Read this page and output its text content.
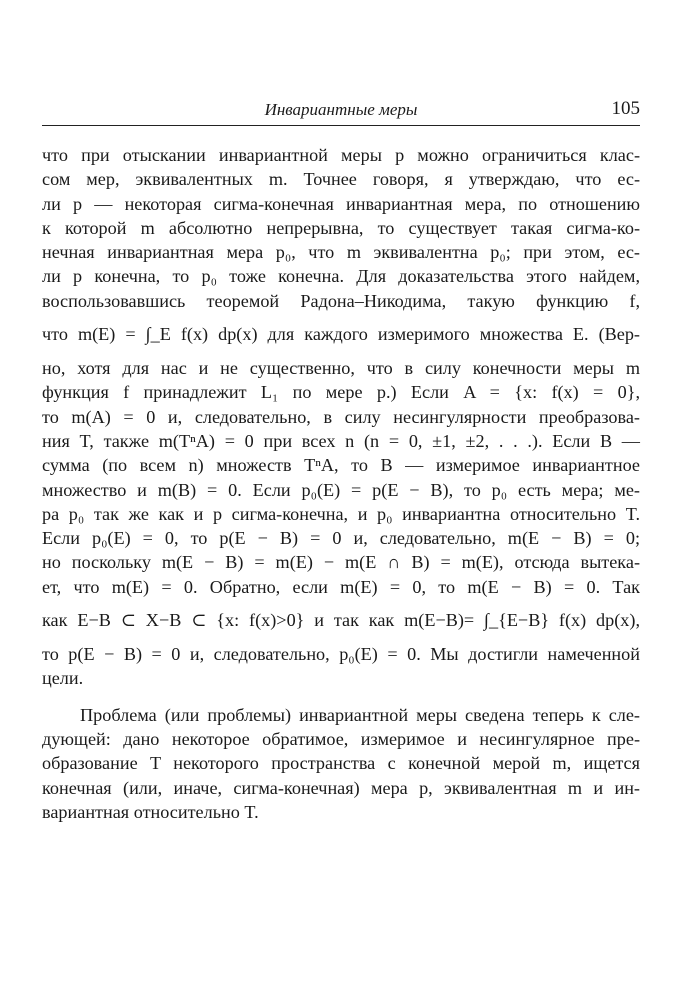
Инвариантные меры	105
что при отыскании инвариантной меры p можно ограничиться клас-
сом мер, эквивалентных m. Точнее говоря, я утверждаю, что ес-
ли p — некоторая сигма-конечная инвариантная мера, по отношению
к которой m абсолютно непрерывна, то существует такая сигма-ко-
нечная инвариантная мера p₀, что m эквивалентна p₀; при этом, ес-
ли p конечна, то p₀ тоже конечна. Для доказательства этого найдем,
воспользовавшись теоремой Радона–Никодима, такую функцию f,
что m(E) = ∫_E f(x) dp(x) для каждого измеримого множества E. (Вер-
но, хотя для нас и не существенно, что в силу конечности меры m
функция f принадлежит L₁ по мере p.) Если A = {x: f(x) = 0},
то m(A) = 0 и, следовательно, в силу несингулярности преобразова-
ния T, также m(TⁿA) = 0 при всех n (n = 0, ±1, ±2, . . .). Если B —
сумма (по всем n) множеств TⁿA, то B — измеримое инвариантное
множество и m(B) = 0. Если p₀(E) = p(E − B), то p₀ есть мера; ме-
ра p₀ так же как и p сигма-конечна, и p₀ инвариантна относительно T.
Если p₀(E) = 0, то p(E − B) = 0 и, следовательно, m(E − B) = 0;
но поскольку m(E − B) = m(E) − m(E ∩ B) = m(E), отсюда вытека-
ет, что m(E) = 0. Обратно, если m(E) = 0, то m(E − B) = 0. Так
как E−B ⊂ X−B ⊂ {x: f(x)>0} и так как m(E−B)= ∫_{E−B} f(x) dp(x),
то p(E − B) = 0 и, следовательно, p₀(E) = 0. Мы достигли намеченной
цели.
Проблема (или проблемы) инвариантной меры сведена теперь к сле-
дующей: дано некоторое обратимое, измеримое и несингулярное пре-
образование T некоторого пространства с конечной мерой m, ищется
конечная (или, иначе, сигма-конечная) мера p, эквивалентная m и ин-
вариантная относительно T.
